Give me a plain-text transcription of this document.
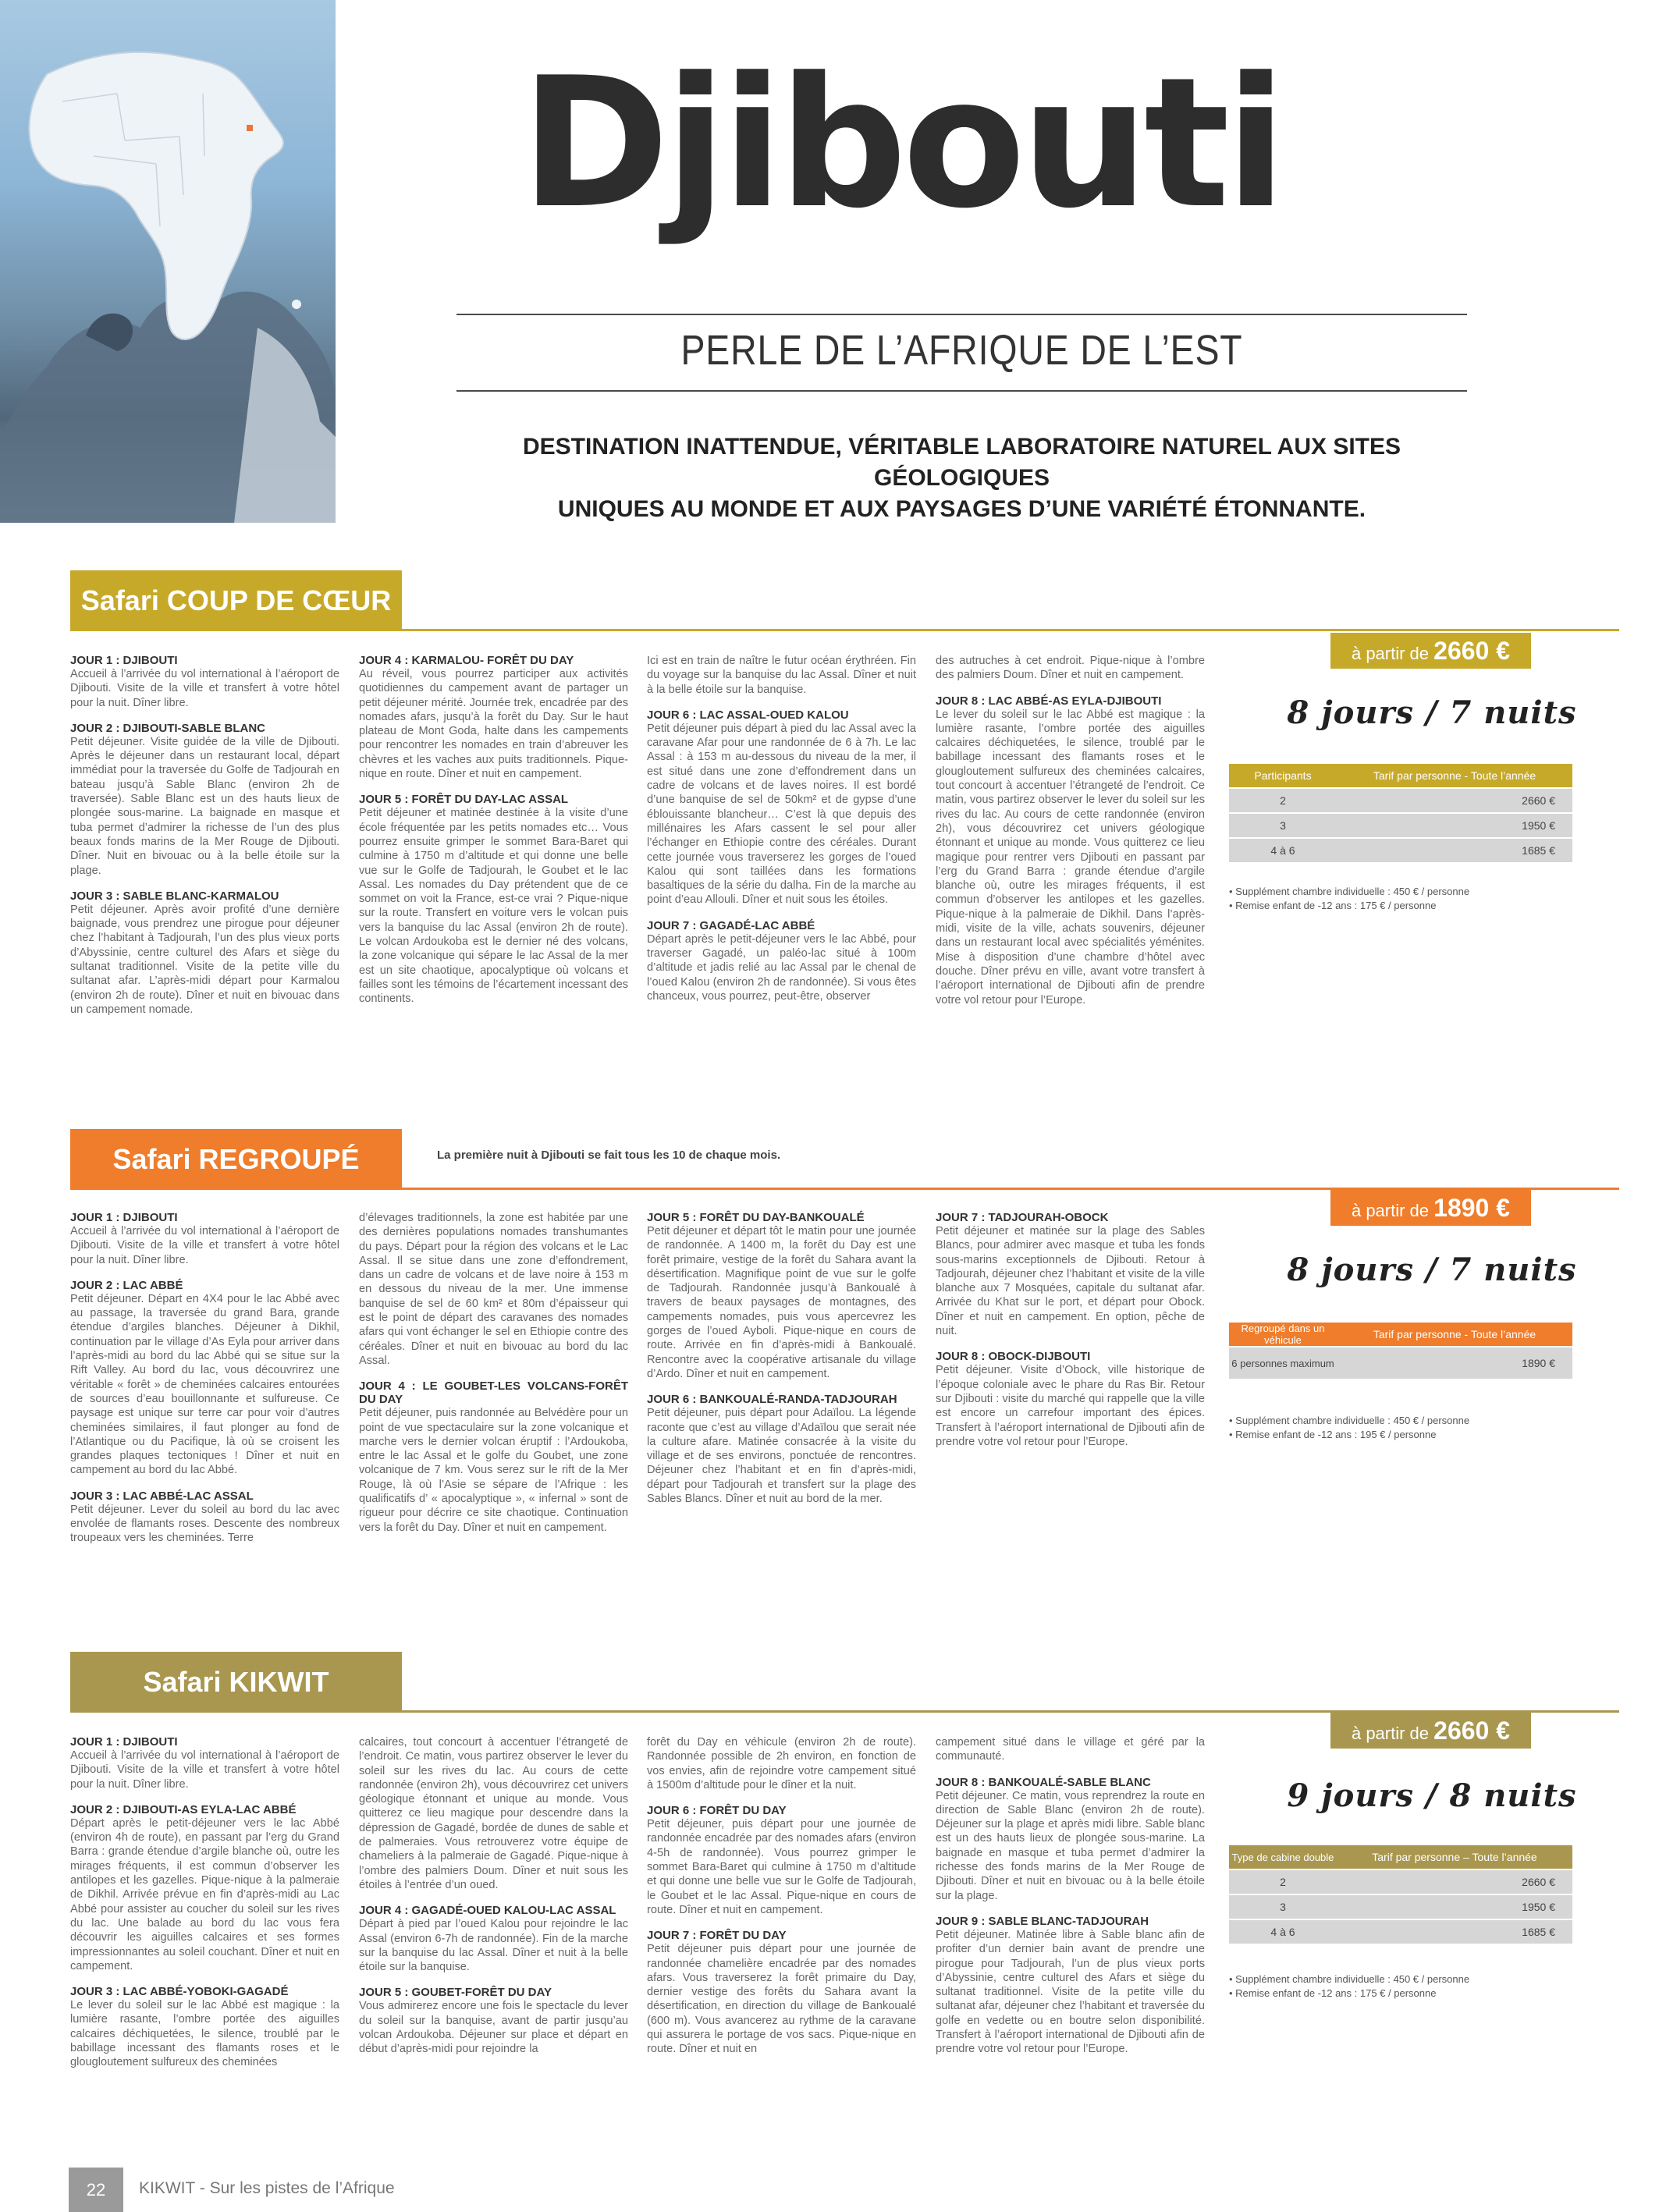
Djibouti
PERLE DE L’AFRIQUE DE L’EST
DESTINATION INATTENDUE, VÉRITABLE LABORATOIRE NATUREL AUX SITES GÉOLOGIQUES
UNIQUES AU MONDE ET AUX PAYSAGES D’UNE VARIÉTÉ ÉTONNANTE.
Safari COUP DE CŒUR
JOUR 1 : DJIBOUTI

Accueil à l’arrivée du vol international à l’aéroport de Djibouti. Visite de la ville et transfert à votre hôtel pour la nuit. Dîner libre.

JOUR 2 : DJIBOUTI-SABLE BLANC

Petit déjeuner. Visite guidée de la ville de Djibouti. Après le déjeuner dans un restaurant local, départ immédiat pour la traversée du Golfe de Tadjourah en bateau jusqu’à Sable Blanc (environ 2h de traversée). Sable Blanc est un des hauts lieux de plongée sous-marine. La baignade en masque et tuba permet d’admirer la richesse de l’un des plus beaux fonds marins de la Mer Rouge de Djibouti. Dîner. Nuit en bivouac ou à la belle étoile sur la plage.

JOUR 3 : SABLE BLANC-KARMALOU

Petit déjeuner. Après avoir profité d’une dernière baignade, vous prendrez une pirogue pour déjeuner chez l’habitant à Tadjourah, l’un des plus vieux ports d’Abyssinie, centre culturel des Afars et siège du sultanat traditionnel. Visite de la petite ville du sultanat afar. L’après-midi départ pour Karmalou (environ 2h de route). Dîner et nuit en bivouac dans un campement nomade.

JOUR 4 : KARMALOU- FORÊT DU DAY

Au réveil, vous pourrez participer aux activités quotidiennes du campement avant de partager un petit déjeuner mérité. Journée trek, encadrée par des nomades afars, jusqu’à la forêt du Day. Sur le haut plateau de Mont Goda, halte dans les campements pour rencontrer les nomades en train d’abreuver les chèvres et les vaches aux puits traditionnels. Pique-nique en route. Dîner et nuit en campement.

JOUR 5 : FORÊT DU DAY-LAC ASSAL

Petit déjeuner et matinée destinée à la visite d’une école fréquentée par les petits nomades etc… Vous pourrez ensuite grimper le sommet Bara-Baret qui culmine à 1750 m d’altitude et qui donne une belle vue sur le Golfe de Tadjourah, le Goubet et le lac Assal. Les nomades du Day prétendent que de ce sommet on voit la France, est-ce vrai ? Pique-nique sur la route. Transfert en voiture vers le volcan puis vers la banquise du lac Assal (environ 2h de route). Le volcan Ardoukoba est le dernier né des volcans, la zone volcanique qui sépare le lac Assal de la mer est un site chaotique, apocalyptique où volcans et failles sont les témoins de l’écartement incessant des continents.

Ici est en train de naître le futur océan érythréen. Fin du voyage sur la banquise du lac Assal. Dîner et nuit à la belle étoile sur la banquise.

JOUR 6 : LAC ASSAL-OUED KALOU

Petit déjeuner puis départ à pied du lac Assal avec la caravane Afar pour une randonnée de 6 à 7h. Le lac Assal : à 153 m au-dessous du niveau de la mer, il est situé dans une zone d’effondrement dans un cadre de volcans et de laves noires. Il est bordé d’une banquise de sel de 50km² et de gypse d’une éblouissante blancheur… C’est là que depuis des millénaires les Afars cassent le sel pour aller l’échanger en Ethiopie contre des céréales. Durant cette journée vous traverserez les gorges de l’oued Kalou qui sont taillées dans les formations basaltiques de la série du dalha. Fin de la marche au point d’eau Allouli. Dîner et nuit sous les étoiles.

JOUR 7 : GAGADÉ-LAC ABBÉ

Départ après le petit-déjeuner vers le lac Abbé, pour traverser Gagadé, un paléo-lac situé à 100m d’altitude et jadis relié au lac Assal par le chenal de l’oued Kalou (environ 2h de randonnée). Si vous êtes chanceux, vous pourrez, peut-être, observer

des autruches à cet endroit. Pique-nique à l’ombre des palmiers Doum. Dîner et nuit en campement.

JOUR 8 : LAC ABBÉ-AS EYLA-DJIBOUTI

Le lever du soleil sur le lac Abbé est magique : la lumière rasante, l’ombre portée des aiguilles calcaires déchiquetées, le silence, troublé par le babillage incessant des flamants roses et le glougloutement sulfureux des cheminées calcaires, tout concourt à accentuer l’étrangeté de l’endroit. Ce matin, vous partirez observer le lever du soleil sur les rives du lac. Au cours de cette randonnée (environ 2h), vous découvrirez cet univers géologique étonnant et unique au monde. Vous quitterez ce lieu magique pour rentrer vers Djibouti en passant par l’erg du Grand Barra : grande étendue d’argile blanche où, outre les mirages fréquents, il est commun d’observer les antilopes et les gazelles. Pique-nique à la palmeraie de Dikhil. Dans l’après-midi, visite de la ville, achats souvenirs, déjeuner dans un restaurant local avec spécialités yéménites. Mise à disposition d’une chambre d’hôtel avec douche. Dîner prévu en ville, avant votre transfert à l’aéroport international de Djibouti afin de prendre votre vol retour pour l’Europe.

à partir de 2660 €
8 jours / 7 nuits
Participants	Tarif par personne - Toute l’année
2	2660 €
3	1950 €
4 à 6	1685 €
• Supplément chambre individuelle : 450 € / personne
• Remise enfant de -12 ans : 175 € / personne
Safari REGROUPÉ	La première nuit à Djibouti se fait tous les 10 de chaque mois.
JOUR 1 : DJIBOUTI

Accueil à l’arrivée du vol international à l’aéroport de Djibouti. Visite de la ville et transfert à votre hôtel pour la nuit. Dîner libre.

JOUR 2 : LAC ABBÉ

Petit déjeuner. Départ en 4X4 pour le lac Abbé avec au passage, la traversée du grand Bara, grande étendue d’argiles blanches. Déjeuner à Dikhil, continuation par le village d’As Eyla pour arriver dans l’après-midi au bord du lac Abbé qui se situe sur la Rift Valley. Au bord du lac, vous découvrirez une véritable « forêt » de cheminées calcaires entourées de sources d’eau bouillonnante et sulfureuse. Ce paysage est unique sur terre car pour voir d’autres cheminées similaires, il faut plonger au fond de l’Atlantique ou du Pacifique, là où se croisent les grandes plaques tectoniques ! Dîner et nuit en campement au bord du lac Abbé.

JOUR 3 : LAC ABBÉ-LAC ASSAL

Petit déjeuner. Lever du soleil au bord du lac avec envolée de flamants roses. Descente des nombreux troupeaux vers les cheminées. Terre

d’élevages traditionnels, la zone est habitée par une des dernières populations nomades transhumantes du pays. Départ pour la région des volcans et le Lac Assal. Il se situe dans une zone d’effondrement, dans un cadre de volcans et de lave noire à 153 m en dessous du niveau de la mer. Une immense banquise de sel de 60 km² et 80m d’épaisseur qui est le point de départ des caravanes des nomades afars qui vont échanger le sel en Ethiopie contre des céréales. Dîner et nuit en bivouac au bord du lac Assal.

JOUR 4 : LE GOUBET-LES VOLCANS-FORÊT DU DAY

Petit déjeuner, puis randonnée au Belvédère pour un point de vue spectaculaire sur la zone volcanique et marche vers le dernier volcan éruptif : l’Ardoukoba, entre le lac Assal et le golfe du Goubet, une zone volcanique de 7 km. Vous serez sur le rift de la Mer Rouge, là où l’Asie se sépare de l’Afrique : les qualificatifs d’ « apocalyptique », « infernal » sont de rigueur pour décrire ce site chaotique. Continuation vers la forêt du Day. Dîner et nuit en campement.

JOUR 5 : FORÊT DU DAY-BANKOUALÉ

Petit déjeuner et départ tôt le matin pour une journée de randonnée. A 1400 m, la forêt du Day est une forêt primaire, vestige de la forêt du Sahara avant la désertification. Magnifique point de vue sur le golfe de Tadjourah. Randonnée jusqu’à Bankoualé à travers de beaux paysages de montagnes, des campements nomades, puis vous apercevrez les gorges de l’oued Ayboli. Pique-nique en cours de route. Arrivée en fin d’après-midi à Bankoualé. Rencontre avec la coopérative artisanale du village d’Ardo. Dîner et nuit en campement.

JOUR 6 : BANKOUALÉ-RANDA-TADJOURAH

Petit déjeuner, puis départ pour Adaïlou. La légende raconte que c’est au village d’Adaïlou que serait née la culture afare. Matinée consacrée à la visite du village et de ses environs, ponctuée de rencontres. Déjeuner chez l’habitant et en fin d’après-midi, départ pour Tadjourah et transfert sur la plage des Sables Blancs. Dîner et nuit au bord de la mer.

JOUR 7 : TADJOURAH-OBOCK

Petit déjeuner et matinée sur la plage des Sables Blancs, pour admirer avec masque et tuba les fonds sous-marins exceptionnels de Djibouti. Retour à Tadjourah, déjeuner chez l’habitant et visite de la ville blanche aux 7 Mosquées, capitale du sultanat afar. Arrivée du Khat sur le port, et départ pour Obock. Dîner et nuit en campement. En option, pêche de nuit.

JOUR 8 : OBOCK-DIJBOUTI

Petit déjeuner. Visite d’Obock, ville historique de l’époque coloniale avec le phare du Ras Bir. Retour sur Djibouti : visite du marché qui rappelle que la ville est encore un carrefour important des épices. Transfert à l’aéroport international de Djibouti afin de prendre votre vol retour pour l’Europe.

à partir de 1890 €
8 jours / 7 nuits
Regroupé dans un véhicule	Tarif par personne - Toute l’année
6 personnes maximum	1890 €
• Supplément chambre individuelle : 450 € / personne
• Remise enfant de -12 ans : 195 € / personne
Safari KIKWIT
JOUR 1 : DJIBOUTI

Accueil à l’arrivée du vol international à l’aéroport de Djibouti. Visite de la ville et transfert à votre hôtel pour la nuit. Dîner libre.

JOUR 2 : DJIBOUTI-AS EYLA-LAC ABBÉ

Départ après le petit-déjeuner vers le lac Abbé (environ 4h de route), en passant par l’erg du Grand Barra : grande étendue d’argile blanche où, outre les mirages fréquents, il est commun d’observer les antilopes et les gazelles. Pique-nique à la palmeraie de Dikhil. Arrivée prévue en fin d’après-midi au Lac Abbé pour assister au coucher du soleil sur les rives du lac. Une balade au bord du lac vous fera découvrir les aiguilles calcaires et ses formes impressionnantes au soleil couchant. Dîner et nuit en campement.

JOUR 3 : LAC ABBÉ-YOBOKI-GAGADÉ

Le lever du soleil sur le lac Abbé est magique : la lumière rasante, l’ombre portée des aiguilles calcaires déchiquetées, le silence, troublé par le babillage incessant des flamants roses et le glougloutement sulfureux des cheminées

calcaires, tout concourt à accentuer l’étrangeté de l’endroit. Ce matin, vous partirez observer le lever du soleil sur les rives du lac. Au cours de cette randonnée (environ 2h), vous découvrirez cet univers géologique étonnant et unique au monde. Vous quitterez ce lieu magique pour descendre dans la dépression de Gagadé, bordée de dunes de sable et de palmeraies. Vous retrouverez votre équipe de chameliers à la palmeraie de Gagadé. Pique-nique à l’ombre des palmiers Doum. Dîner et nuit sous les étoiles à l’entrée d’un oued.

JOUR 4 : GAGADÉ-OUED KALOU-LAC ASSAL

Départ à pied par l’oued Kalou pour rejoindre le lac Assal (environ 6-7h de randonnée). Fin de la marche sur la banquise du lac Assal. Dîner et nuit à la belle étoile sur la banquise.

JOUR 5 : GOUBET-FORÊT DU DAY

Vous admirerez encore une fois le spectacle du lever du soleil sur la banquise, avant de partir jusqu’au volcan Ardoukoba. Déjeuner sur place et départ en début d’après-midi pour rejoindre la

forêt du Day en véhicule (environ 2h de route). Randonnée possible de 2h environ, en fonction de vos envies, afin de rejoindre votre campement situé à 1500m d’altitude pour le dîner et la nuit.

JOUR 6 : FORÊT DU DAY

Petit déjeuner, puis départ pour une journée de randonnée encadrée par des nomades afars (environ 4-5h de randonnée). Vous pourrez grimper le sommet Bara-Baret qui culmine à 1750 m d’altitude et qui donne une belle vue sur le Golfe de Tadjourah, le Goubet et le lac Assal. Pique-nique en cours de route. Dîner et nuit en campement.

JOUR 7 : FORÊT DU DAY

Petit déjeuner puis départ pour une journée de randonnée chamelière encadrée par des nomades afars. Vous traverserez la forêt primaire du Day, dernier vestige des forêts du Sahara avant la désertification, en direction du village de Bankoualé (600 m). Vous avancerez au rythme de la caravane qui assurera le portage de vos sacs. Pique-nique en route. Dîner et nuit en

campement situé dans le village et géré par la communauté.

JOUR 8 : BANKOUALÉ-SABLE BLANC

Petit déjeuner. Ce matin, vous reprendrez la route en direction de Sable Blanc (environ 2h de route). Déjeuner sur la plage et après midi libre. Sable blanc est un des hauts lieux de plongée sous-marine. La baignade en masque et tuba permet d’admirer la richesse des fonds marins de la Mer Rouge de Djibouti. Dîner et nuit en bivouac ou à la belle étoile sur la plage.

JOUR 9 : SABLE BLANC-TADJOURAH

Petit déjeuner. Matinée libre à Sable blanc afin de profiter d’un dernier bain avant de prendre une pirogue pour Tadjourah, l’un de plus vieux ports d’Abyssinie, centre culturel des Afars et siège du sultanat traditionnel. Visite de la petite ville du sultanat afar, déjeuner chez l’habitant et traversée du golfe en vedette ou en boutre selon disponibilité. Transfert à l’aéroport international de Djibouti afin de prendre votre vol retour pour l’Europe.

à partir de 2660 €
9 jours / 8 nuits
Type de cabine double	Tarif par personne – Toute l’année
2	2660 €
3	1950 €
4 à 6	1685 €
• Supplément chambre individuelle : 450 € / personne
• Remise enfant de -12 ans : 175 € / personne
22	KIKWIT - Sur les pistes de l’Afrique
